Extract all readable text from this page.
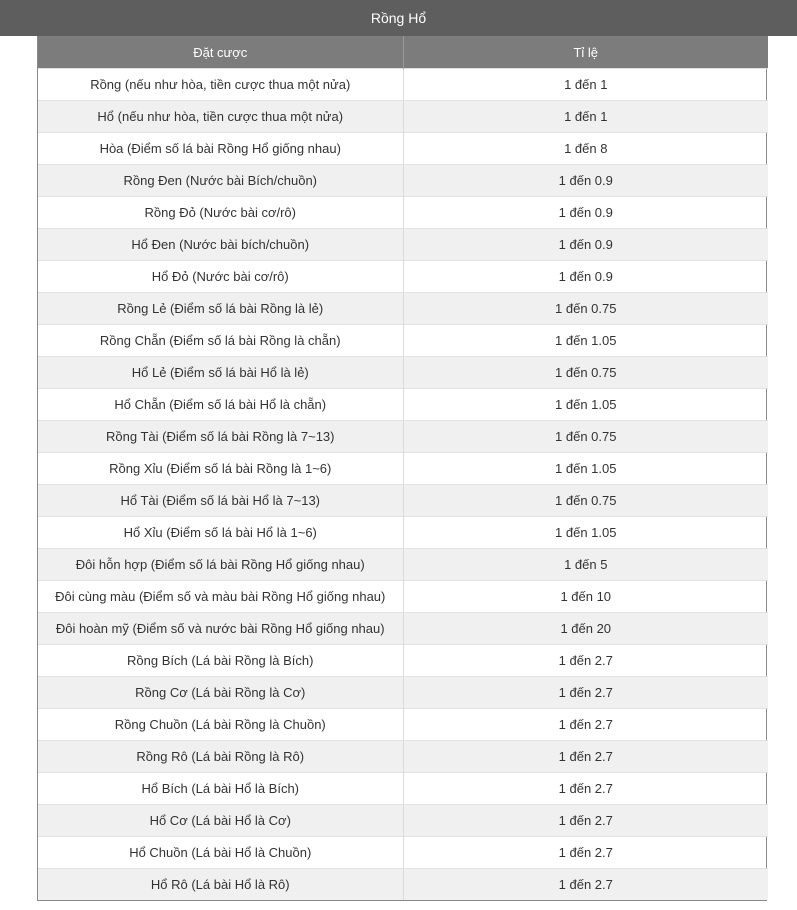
Rồng Hổ
Đặt cược	Tỉ lệ
Rồng (nếu như hòa, tiền cược thua một nửa)	1 đến 1
Hổ (nếu như hòa, tiền cược thua một nửa)	1 đến 1
Hòa (Điểm số lá bài Rồng Hổ giống nhau)	1 đến 8
Rồng Đen (Nước bài Bích/chuồn)	1 đến 0.9
Rồng Đỏ (Nước bài cơ/rô)	1 đến 0.9
Hổ Đen (Nước bài bích/chuồn)	1 đến 0.9
Hổ Đỏ (Nước bài cơ/rô)	1 đến 0.9
Rồng Lẻ (Điểm số lá bài Rồng là lẻ)	1 đến 0.75
Rồng Chẵn (Điểm số lá bài Rồng là chẵn)	1 đến 1.05
Hổ Lẻ (Điểm số lá bài Hổ là lẻ)	1 đến 0.75
Hổ Chẵn (Điểm số lá bài Hổ là chẵn)	1 đến 1.05
Rồng Tài (Điểm số lá bài Rồng là 7~13)	1 đến 0.75
Rồng Xỉu (Điểm số lá bài Rồng là 1~6)	1 đến 1.05
Hổ Tài (Điểm số lá bài Hổ là 7~13)	1 đến 0.75
Hổ Xỉu (Điểm số lá bài Hổ là 1~6)	1 đến 1.05
Đôi hỗn hợp (Điểm số lá bài Rồng Hổ giống nhau)	1 đến 5
Đôi cùng màu (Điểm số và màu bài Rồng Hổ giống nhau)	1 đến 10
Đôi hoàn mỹ (Điểm số và nước bài Rồng Hổ giống nhau)	1 đến 20
Rồng Bích (Lá bài Rồng là Bích)	1 đến 2.7
Rồng Cơ (Lá bài Rồng là Cơ)	1 đến 2.7
Rồng Chuồn (Lá bài Rồng là Chuồn)	1 đến 2.7
Rồng Rô (Lá bài Rồng là Rô)	1 đến 2.7
Hổ Bích (Lá bài Hổ là Bích)	1 đến 2.7
Hổ Cơ (Lá bài Hổ là Cơ)	1 đến 2.7
Hổ Chuồn (Lá bài Hổ là Chuồn)	1 đến 2.7
Hổ Rô (Lá bài Hổ là Rô)	1 đến 2.7
